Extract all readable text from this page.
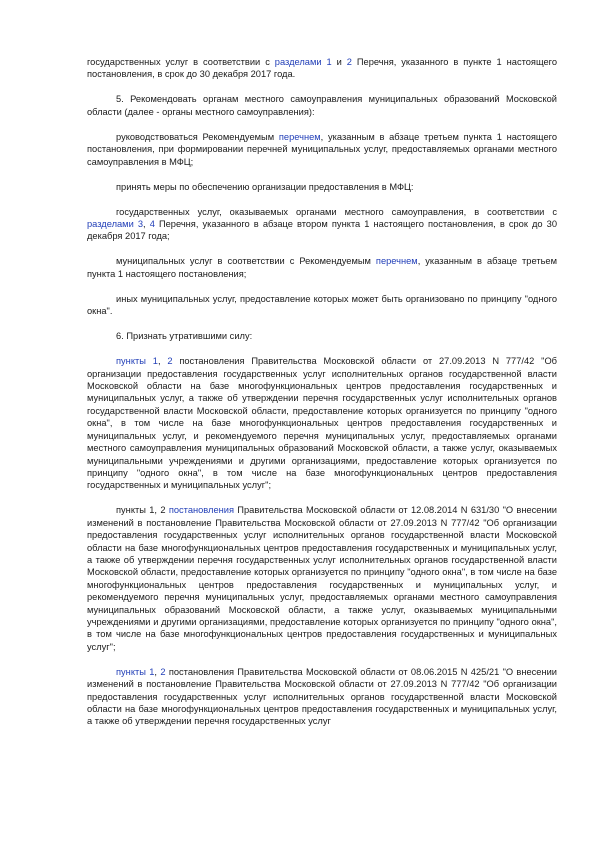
государственных услуг в соответствии с разделами 1 и 2 Перечня, указанного в пункте 1 настоящего постановления, в срок до 30 декабря 2017 года.

5. Рекомендовать органам местного самоуправления муниципальных образований Московской области (далее - органы местного самоуправления):

руководствоваться Рекомендуемым перечнем, указанным в абзаце третьем пункта 1 настоящего постановления, при формировании перечней муниципальных услуг, предоставляемых органами местного самоуправления в МФЦ;

принять меры по обеспечению организации предоставления в МФЦ:

государственных услуг, оказываемых органами местного самоуправления, в соответствии с разделами 3, 4 Перечня, указанного в абзаце втором пункта 1 настоящего постановления, в срок до 30 декабря 2017 года;

муниципальных услуг в соответствии с Рекомендуемым перечнем, указанным в абзаце третьем пункта 1 настоящего постановления;

иных муниципальных услуг, предоставление которых может быть организовано по принципу "одного окна".

6. Признать утратившими силу:

пункты 1, 2 постановления Правительства Московской области от 27.09.2013 N 777/42 "Об организации предоставления государственных услуг исполнительных органов государственной власти Московской области на базе многофункциональных центров предоставления государственных и муниципальных услуг, а также об утверждении перечня государственных услуг исполнительных органов государственной власти Московской области, предоставление которых организуется по принципу "одного окна", в том числе на базе многофункциональных центров предоставления государственных и муниципальных услуг, и рекомендуемого перечня муниципальных услуг, предоставляемых органами местного самоуправления муниципальных образований Московской области, а также услуг, оказываемых муниципальными учреждениями и другими организациями, предоставление которых организуется по принципу "одного окна", в том числе на базе многофункциональных центров предоставления государственных и муниципальных услуг";

пункты 1, 2 постановления Правительства Московской области от 12.08.2014 N 631/30 "О внесении изменений в постановление Правительства Московской области от 27.09.2013 N 777/42 "Об организации предоставления государственных услуг исполнительных органов государственной власти Московской области на базе многофункциональных центров предоставления государственных и муниципальных услуг, а также об утверждении перечня государственных услуг исполнительных органов государственной власти Московской области, предоставление которых организуется по принципу "одного окна", в том числе на базе многофункциональных центров предоставления государственных и муниципальных услуг, и рекомендуемого перечня муниципальных услуг, предоставляемых органами местного самоуправления муниципальных образований Московской области, а также услуг, оказываемых муниципальными учреждениями и другими организациями, предоставление которых организуется по принципу "одного окна", в том числе на базе многофункциональных центров предоставления государственных и муниципальных услуг";

пункты 1, 2 постановления Правительства Московской области от 08.06.2015 N 425/21 "О внесении изменений в постановление Правительства Московской области от 27.09.2013 N 777/42 "Об организации предоставления государственных услуг исполнительных органов государственной власти Московской области на базе многофункциональных центров предоставления государственных и муниципальных услуг, а также об утверждении перечня государственных услуг
